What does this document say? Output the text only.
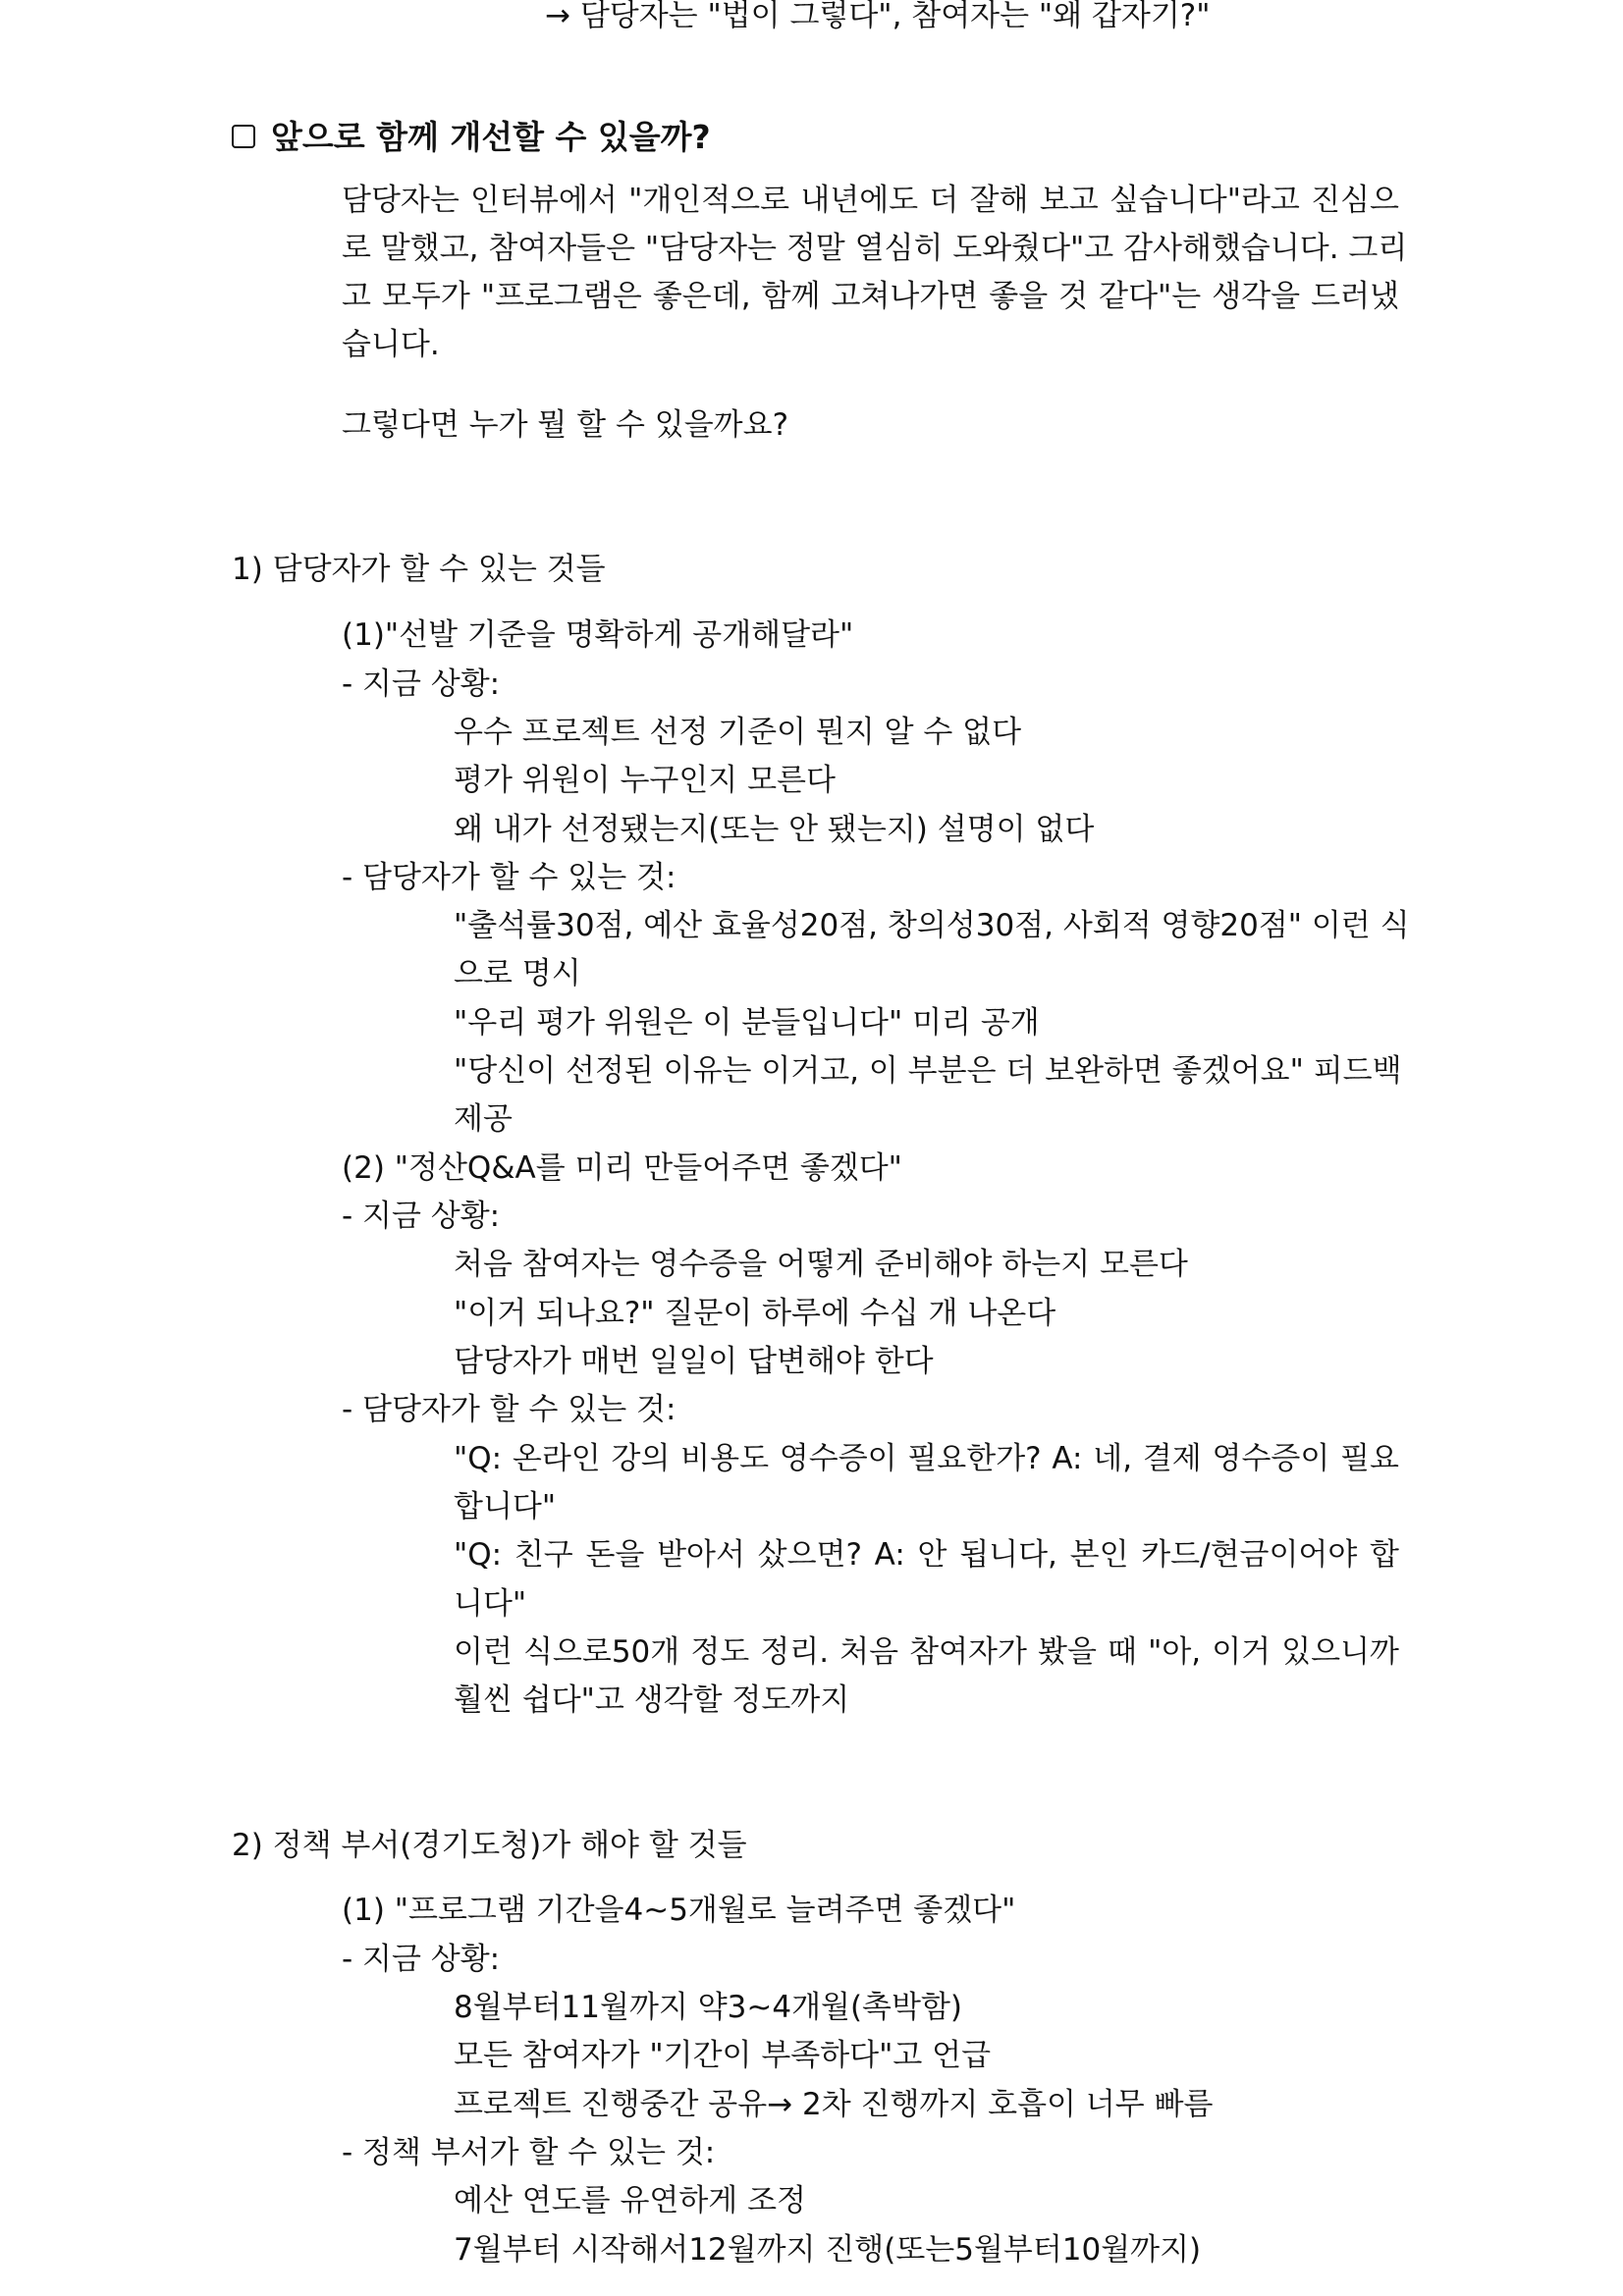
→ 담당자는 "법이 그렇다", 참여자는 "왜 갑자기?"
앞으로 함께 개선할 수 있을까?
담당자는 인터뷰에서 "개인적으로 내년에도 더 잘해 보고 싶습니다"라고 진심으
로 말했고, 참여자들은 "담당자는 정말 열심히 도와줬다"고 감사해했습니다. 그리
고 모두가 "프로그램은 좋은데, 함께 고쳐나가면 좋을 것 같다"는 생각을 드러냈
습니다.
그렇다면 누가 뭘 할 수 있을까요?
1) 담당자가 할 수 있는 것들
(1)"선발 기준을 명확하게 공개해달라"
- 지금 상황:
우수 프로젝트 선정 기준이 뭔지 알 수 없다
평가 위원이 누구인지 모른다
왜 내가 선정됐는지(또는 안 됐는지) 설명이 없다
- 담당자가 할 수 있는 것:
"출석률30점, 예산 효율성20점, 창의성30점, 사회적 영향20점" 이런 식
으로 명시
"우리 평가 위원은 이 분들입니다" 미리 공개
"당신이 선정된 이유는 이거고, 이 부분은 더 보완하면 좋겠어요" 피드백
제공
(2) "정산Q&A를 미리 만들어주면 좋겠다"
- 지금 상황:
처음 참여자는 영수증을 어떻게 준비해야 하는지 모른다
"이거 되나요?" 질문이 하루에 수십 개 나온다
담당자가 매번 일일이 답변해야 한다
- 담당자가 할 수 있는 것:
"Q: 온라인 강의 비용도 영수증이 필요한가? A: 네, 결제 영수증이 필요
합니다"
"Q: 친구 돈을 받아서 샀으면? A: 안 됩니다, 본인 카드/현금이어야 합
니다"
이런 식으로50개 정도 정리. 처음 참여자가 봤을 때 "아, 이거 있으니까
훨씬 쉽다"고 생각할 정도까지
2) 정책 부서(경기도청)가 해야 할 것들
(1) "프로그램 기간을4~5개월로 늘려주면 좋겠다"
- 지금 상황:
8월부터11월까지 약3~4개월(촉박함)
모든 참여자가 "기간이 부족하다"고 언급
프로젝트 진행중간 공유→ 2차 진행까지 호흡이 너무 빠름
- 정책 부서가 할 수 있는 것:
예산 연도를 유연하게 조정
7월부터 시작해서12월까지 진행(또는5월부터10월까지)
